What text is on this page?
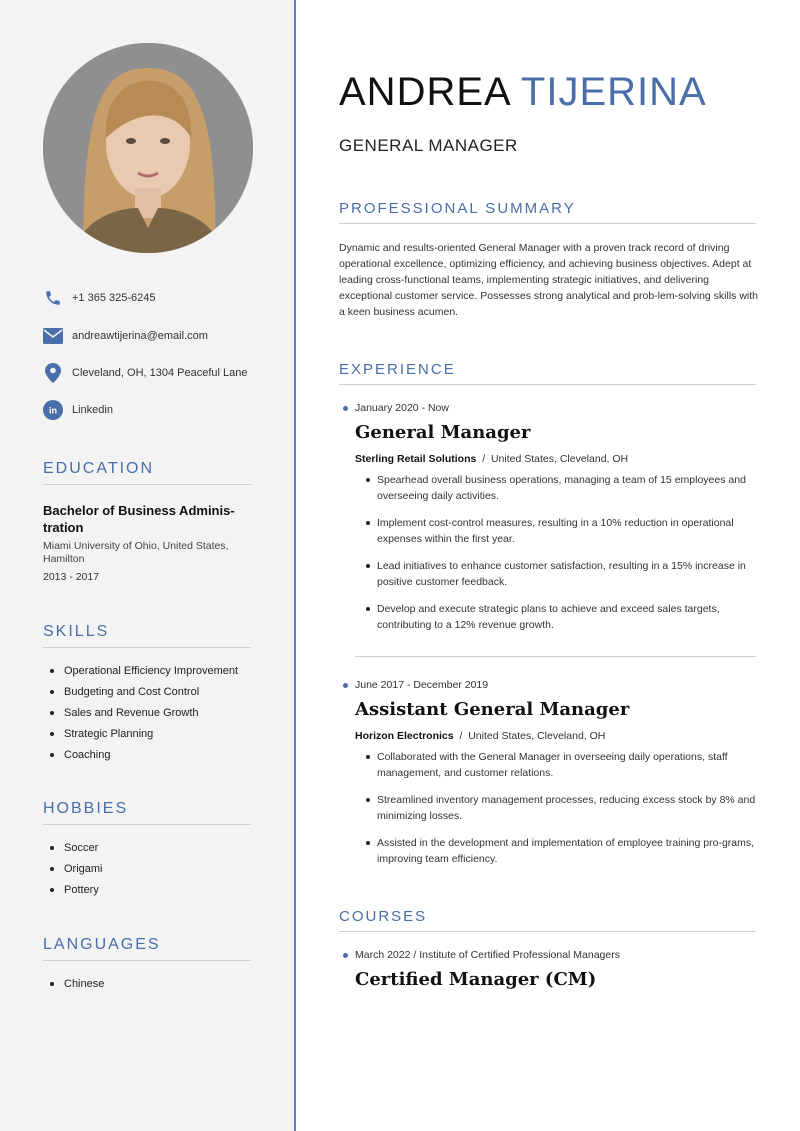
+1 365 325-6245
andreawtijerina@email.com
Cleveland, OH, 1304 Peaceful Lane
in Linkedin
EDUCATION
Bachelor of Business Adminis-
tration
Miami University of Ohio, United States,
Hamilton
2013 - 2017
SKILLS
Operational Efficiency Improvement
Budgeting and Cost Control
Sales and Revenue Growth
Strategic Planning
Coaching
HOBBIES
Soccer
Origami
Pottery
LANGUAGES
Chinese
ANDREA TIJERINA
GENERAL MANAGER
PROFESSIONAL SUMMARY
Dynamic and results-oriented General Manager with a proven track record of driving operational excellence, optimizing efficiency, and achieving business objectives. Adept at leading cross-functional teams, implementing strategic initiatives, and delivering exceptional customer service. Possesses strong analytical and prob-lem-solving skills with a keen business acumen.
EXPERIENCE
January 2020 - Now
General Manager
Sterling Retail Solutions / United States, Cleveland, OH
Spearhead overall business operations, managing a team of 15 employees and overseeing daily activities.
Implement cost-control measures, resulting in a 10% reduction in operational expenses within the first year.
Lead initiatives to enhance customer satisfaction, resulting in a 15% increase in positive customer feedback.
Develop and execute strategic plans to achieve and exceed sales targets, contributing to a 12% revenue growth.
June 2017 - December 2019
Assistant General Manager
Horizon Electronics / United States, Cleveland, OH
Collaborated with the General Manager in overseeing daily operations, staff management, and customer relations.
Streamlined inventory management processes, reducing excess stock by 8% and minimizing losses.
Assisted in the development and implementation of employee training pro-grams, improving team efficiency.
COURSES
March 2022
/
Institute of Certified Professional Managers
Certified Manager (CM)
